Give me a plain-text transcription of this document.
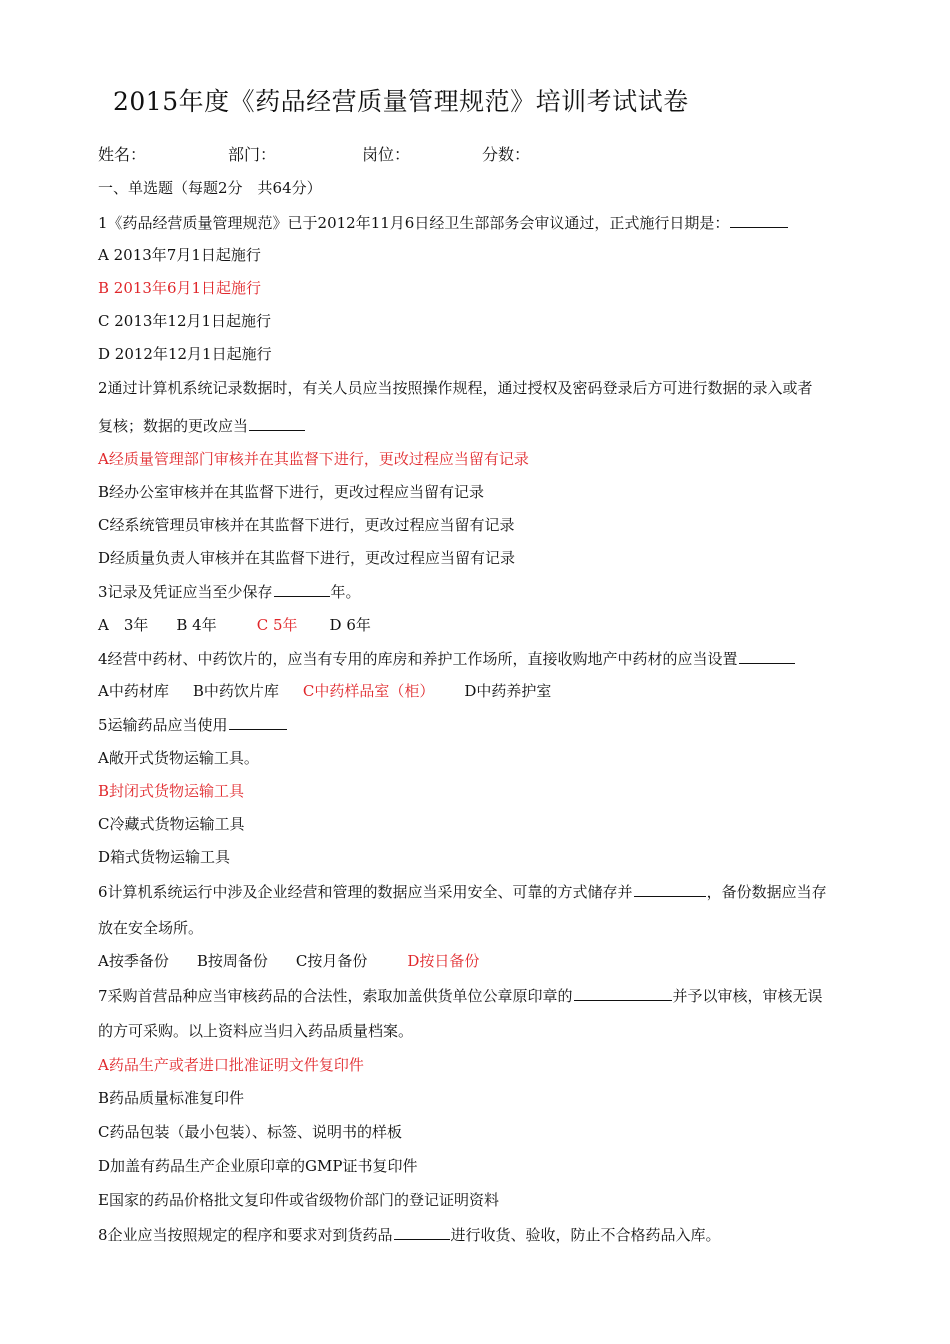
2015年度《药品经营质量管理规范》培训考试试卷
姓名：	部门：	岗位：	分数：
一、单选题（每题2分　共64分）
1《药品经营质量管理规范》已于2012年11月6日经卫生部部务会审议通过，正式施行日期是：
A 2013年7月1日起施行
B 2013年6月1日起施行
C 2013年12月1日起施行
D 2012年12月1日起施行
2通过计算机系统记录数据时，有关人员应当按照操作规程，通过授权及密码登录后方可进行数据的录入或者
复核；数据的更改应当
A经质量管理部门审核并在其监督下进行，更改过程应当留有记录
B经办公室审核并在其监督下进行，更改过程应当留有记录
C经系统管理员审核并在其监督下进行，更改过程应当留有记录
D经质量负责人审核并在其监督下进行，更改过程应当留有记录
3记录及凭证应当至少保存	年。
A　3年 B 4年	C 5年 D 6年
4经营中药材、中药饮片的，应当有专用的库房和养护工作场所，直接收购地产中药材的应当设置
A中药材库 B中药饮片库 C中药样品室（柜） D中药养护室
5运输药品应当使用
A敞开式货物运输工具。
B封闭式货物运输工具
C冷藏式货物运输工具
D箱式货物运输工具
6计算机系统运行中涉及企业经营和管理的数据应当采用安全、可靠的方式储存并	，备份数据应当存
放在安全场所。
A按季备份 B按周备份 C按月备份	D按日备份
7采购首营品种应当审核药品的合法性，索取加盖供货单位公章原印章的	并予以审核，审核无误
的方可采购。以上资料应当归入药品质量档案。
A药品生产或者进口批准证明文件复印件
B药品质量标准复印件
C药品包装（最小包装）、标签、说明书的样板
D加盖有药品生产企业原印章的GMP证书复印件
E国家的药品价格批文复印件或省级物价部门的登记证明资料
8企业应当按照规定的程序和要求对到货药品	进行收货、验收，防止不合格药品入库。
